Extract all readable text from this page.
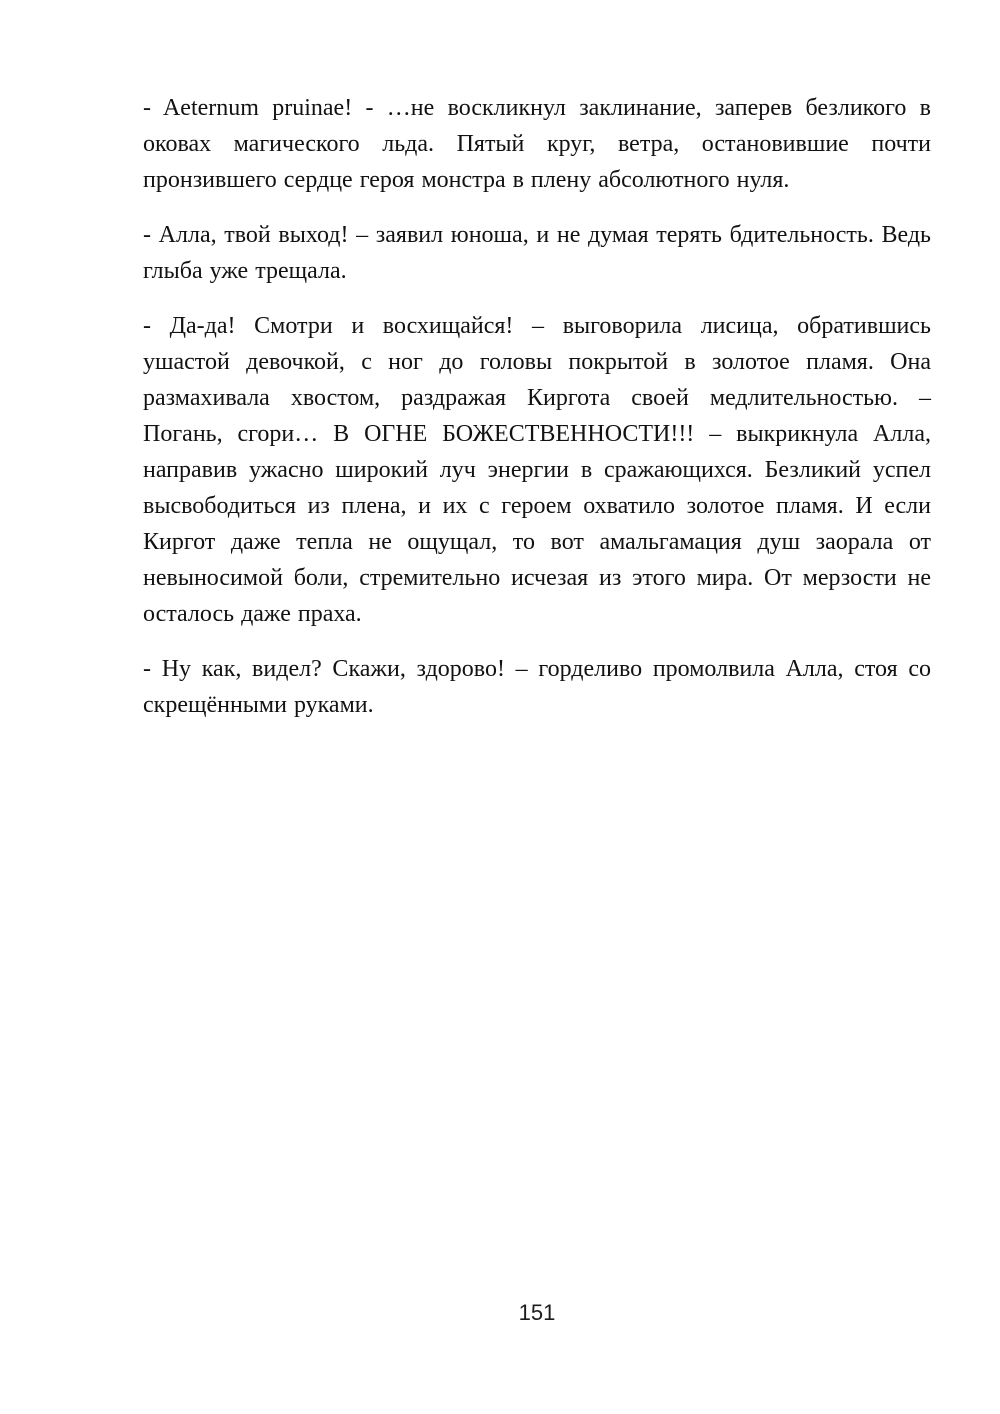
- Aeternum pruinae! - …не воскликнул заклинание, заперев безликого в оковах магического льда. Пятый круг, ветра, остановившие почти пронзившего сердце героя монстра в плену абсолютного нуля.

- Алла, твой выход! – заявил юноша, и не думая терять бдительность. Ведь глыба уже трещала.

- Да-да! Смотри и восхищайся! – выговорила лисица, обратившись ушастой девочкой, с ног до головы покрытой в золотое пламя. Она размахивала хвостом, раздражая Киргота своей медлительностью. – Погань, сгори… В ОГНЕ БОЖЕСТВЕННОСТИ!!! – выкрикнула Алла, направив ужасно широкий луч энергии в сражающихся. Безликий успел высвободиться из плена, и их с героем охватило золотое пламя. И если Киргот даже тепла не ощущал, то вот амальгамация душ заорала от невыносимой боли, стремительно исчезая из этого мира. От мерзости не осталось даже праха.

- Ну как, видел? Скажи, здорово! – горделиво промолвила Алла, стоя со скрещёнными руками.

151
